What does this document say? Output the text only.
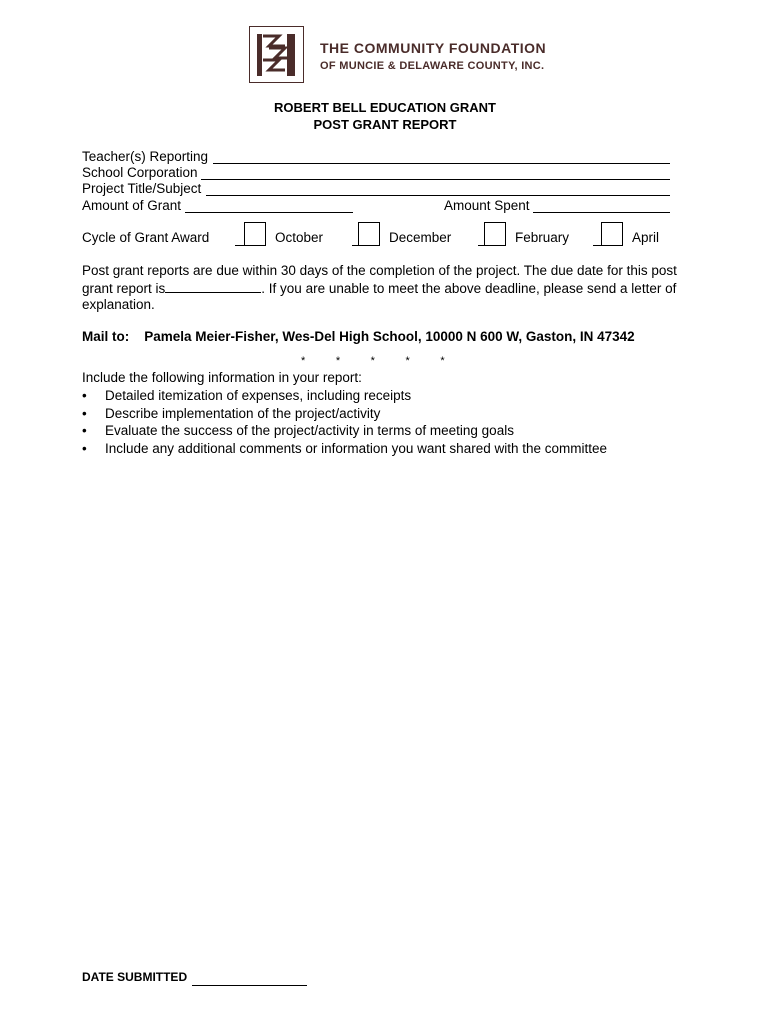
THE COMMUNITY FOUNDATION
OF MUNCIE & DELAWARE COUNTY, INC.
ROBERT BELL EDUCATION GRANT
POST GRANT REPORT
Teacher(s) Reporting
School Corporation
Project Title/Subject
Amount of Grant	Amount Spent
Cycle of Grant Award	October	December	February	April
Post grant reports are due within 30 days of the completion of the project. The due date for this post
grant report is	. If you are unable to meet the above deadline, please send a letter of
explanation.
Mail to: Pamela Meier-Fisher, Wes-Del High School, 10000 N 600 W, Gaston, IN 47342
*          *          *          *          *
Include the following information in your report:
• Detailed itemization of expenses, including receipts
• Describe implementation of the project/activity
• Evaluate the success of the project/activity in terms of meeting goals
• Include any additional comments or information you want shared with the committee
DATE SUBMITTED
